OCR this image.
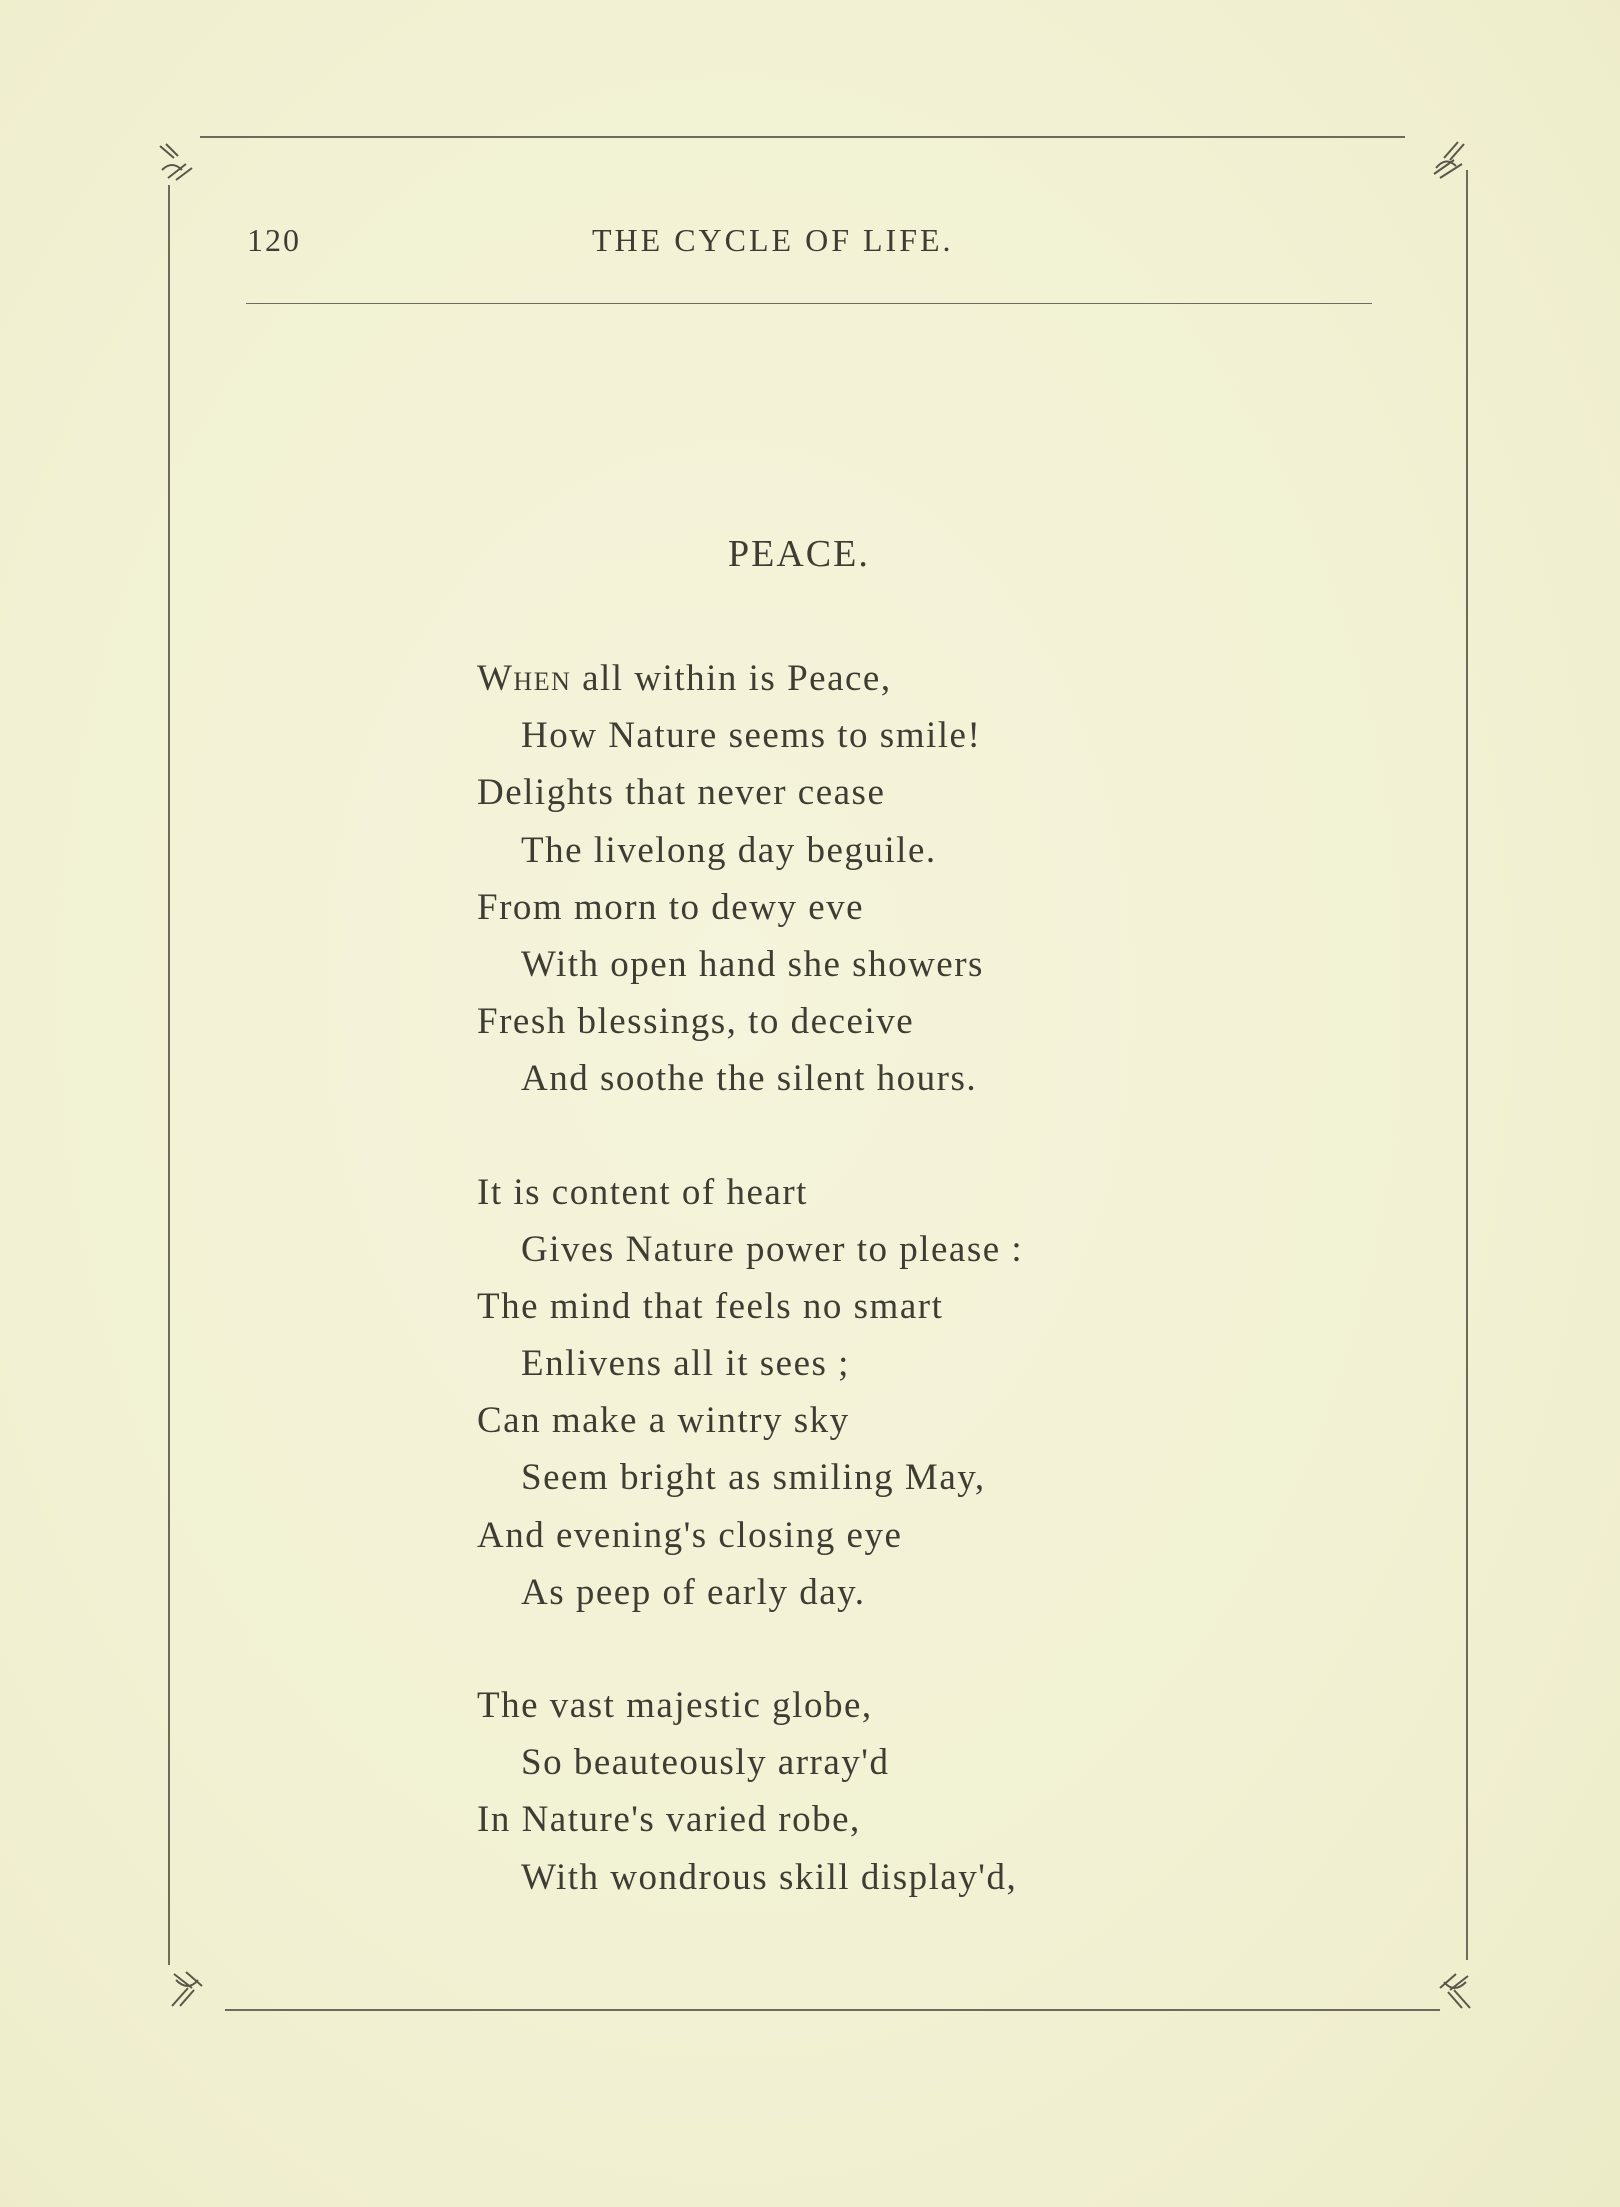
120	THE CYCLE OF LIFE.
PEACE.
When all within is Peace,
How Nature seems to smile!
Delights that never cease
The livelong day beguile.
From morn to dewy eve
With open hand she showers
Fresh blessings, to deceive
And soothe the silent hours.
It is content of heart
Gives Nature power to please :
The mind that feels no smart
Enlivens all it sees ;
Can make a wintry sky
Seem bright as smiling May,
And evening's closing eye
As peep of early day.
The vast majestic globe,
So beauteously array'd
In Nature's varied robe,
With wondrous skill display'd,
